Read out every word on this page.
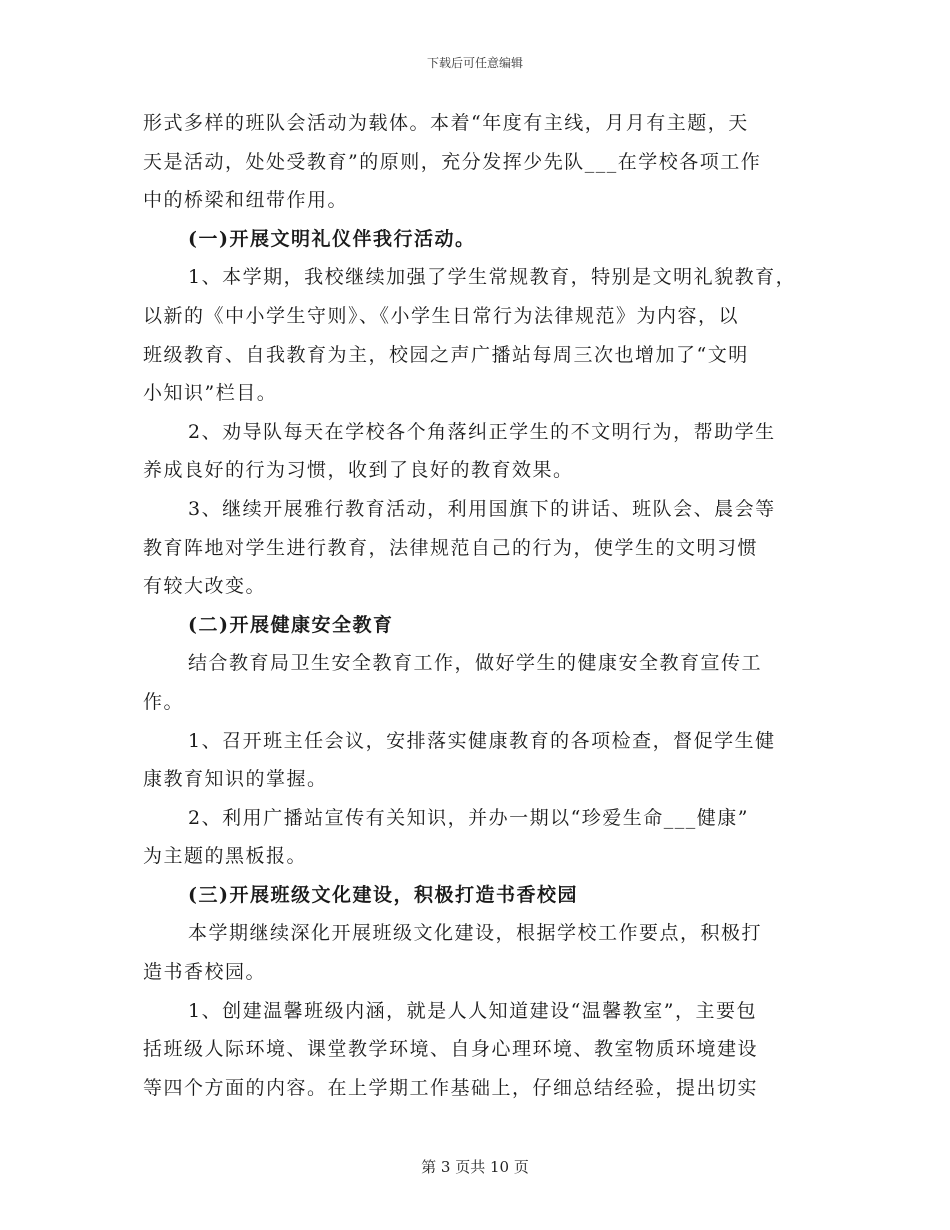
下载后可任意编辑
形式多样的班队会活动为载体。本着“年度有主线，月月有主题，天
天是活动，处处受教育”的原则，充分发挥少先队___在学校各项工作
中的桥梁和纽带作用。
(一)开展文明礼仪伴我行活动。
1、本学期，我校继续加强了学生常规教育，特别是文明礼貌教育，
以新的《中小学生守则》、《小学生日常行为法律规范》为内容，以
班级教育、自我教育为主，校园之声广播站每周三次也增加了“文明
小知识”栏目。
2、劝导队每天在学校各个角落纠正学生的不文明行为，帮助学生
养成良好的行为习惯，收到了良好的教育效果。
3、继续开展雅行教育活动，利用国旗下的讲话、班队会、晨会等
教育阵地对学生进行教育，法律规范自己的行为，使学生的文明习惯
有较大改变。
(二)开展健康安全教育
结合教育局卫生安全教育工作，做好学生的健康安全教育宣传工
作。
1、召开班主任会议，安排落实健康教育的各项检查，督促学生健
康教育知识的掌握。
2、利用广播站宣传有关知识，并办一期以“珍爱生命___健康”
为主题的黑板报。
(三)开展班级文化建设，积极打造书香校园
本学期继续深化开展班级文化建设，根据学校工作要点，积极打
造书香校园。
1、创建温馨班级内涵，就是人人知道建设“温馨教室”，主要包
括班级人际环境、课堂教学环境、自身心理环境、教室物质环境建设
等四个方面的内容。在上学期工作基础上，仔细总结经验，提出切实
第 3 页共 10 页
